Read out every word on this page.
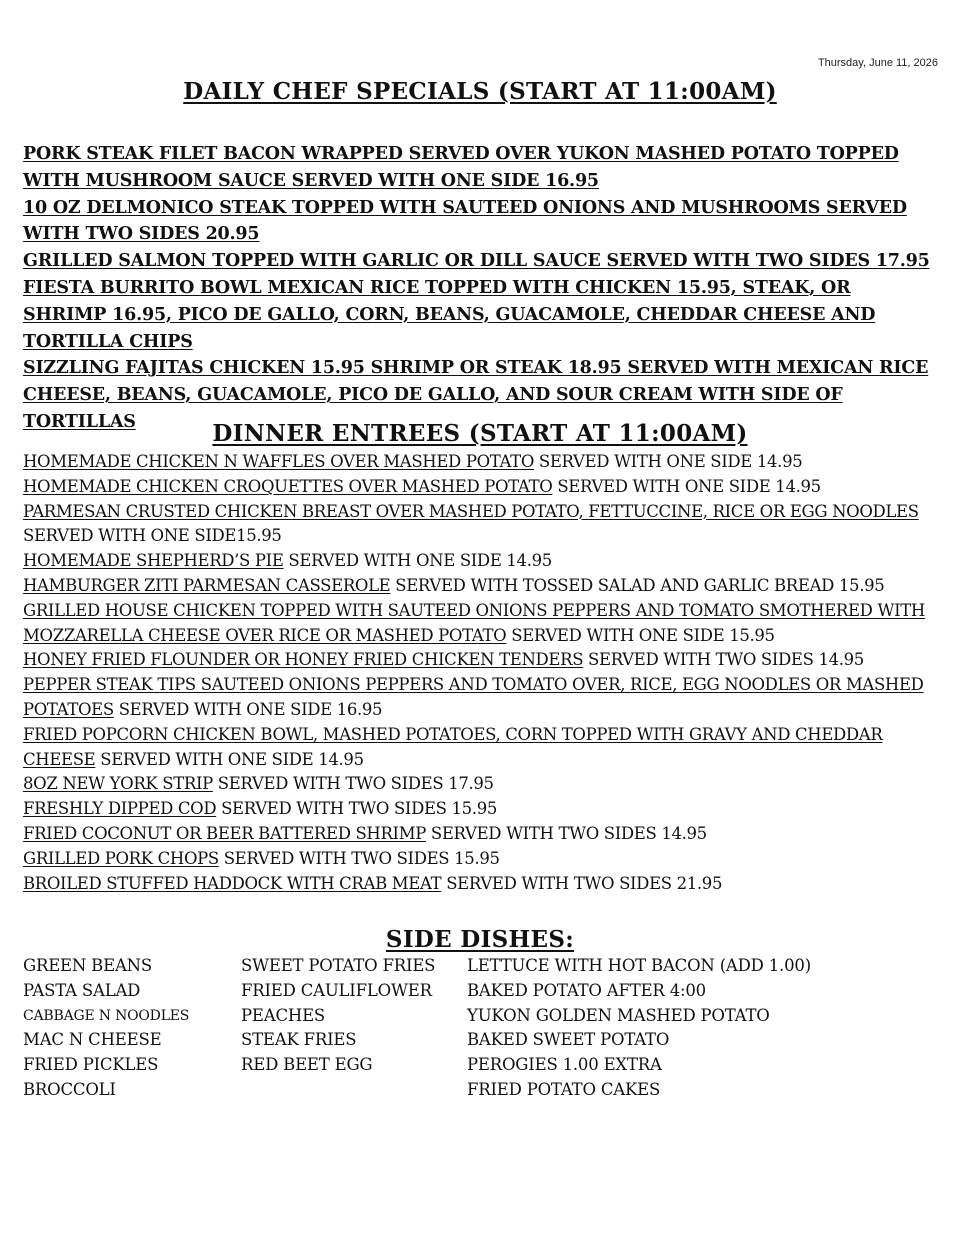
Thursday, June 11, 2026
DAILY CHEF SPECIALS (START AT 11:00AM)

PORK STEAK FILET BACON WRAPPED SERVED OVER YUKON MASHED POTATO TOPPED WITH MUSHROOM SAUCE SERVED WITH ONE SIDE 16.95

10 OZ DELMONICO STEAK TOPPED WITH SAUTEED ONIONS AND MUSHROOMS SERVED WITH TWO SIDES 20.95

GRILLED SALMON TOPPED WITH GARLIC OR DILL SAUCE SERVED WITH TWO SIDES 17.95

FIESTA BURRITO BOWL MEXICAN RICE TOPPED WITH CHICKEN 15.95, STEAK, OR SHRIMP 16.95, PICO DE GALLO, CORN, BEANS, GUACAMOLE, CHEDDAR CHEESE AND TORTILLA CHIPS

SIZZLING FAJITAS CHICKEN 15.95 SHRIMP OR STEAK 18.95 SERVED WITH MEXICAN RICE CHEESE, BEANS, GUACAMOLE, PICO DE GALLO, AND SOUR CREAM WITH SIDE OF TORTILLAS	DINNER ENTREES (START AT 11:00AM)

HOMEMADE CHICKEN N WAFFLES OVER MASHED POTATO SERVED WITH ONE SIDE 14.95

HOMEMADE CHICKEN CROQUETTES OVER MASHED POTATO SERVED WITH ONE SIDE 14.95

PARMESAN CRUSTED CHICKEN BREAST OVER MASHED POTATO, FETTUCCINE, RICE OR EGG NOODLES SERVED WITH ONE SIDE15.95

HOMEMADE SHEPHERD’S PIE SERVED WITH ONE SIDE 14.95

HAMBURGER ZITI PARMESAN CASSEROLE SERVED WITH TOSSED SALAD AND GARLIC BREAD 15.95

GRILLED HOUSE CHICKEN TOPPED WITH SAUTEED ONIONS PEPPERS AND TOMATO SMOTHERED WITH MOZZARELLA CHEESE OVER RICE OR MASHED POTATO SERVED WITH ONE SIDE 15.95

HONEY FRIED FLOUNDER OR HONEY FRIED CHICKEN TENDERS SERVED WITH TWO SIDES 14.95

PEPPER STEAK TIPS SAUTEED ONIONS PEPPERS AND TOMATO OVER, RICE, EGG NOODLES OR MASHED POTATOES SERVED WITH ONE SIDE 16.95

FRIED POPCORN CHICKEN BOWL, MASHED POTATOES, CORN TOPPED WITH GRAVY AND CHEDDAR CHEESE SERVED WITH ONE SIDE 14.95

8OZ NEW YORK STRIP SERVED WITH TWO SIDES 17.95

FRESHLY DIPPED COD SERVED WITH TWO SIDES 15.95

FRIED COCONUT OR BEER BATTERED SHRIMP SERVED WITH TWO SIDES 14.95

GRILLED PORK CHOPS SERVED WITH TWO SIDES 15.95

BROILED STUFFED HADDOCK WITH CRAB MEAT SERVED WITH TWO SIDES 21.95

SIDE DISHES:
GREEN BEANS
PASTA SALAD
CABBAGE N NOODLES
MAC N CHEESE
FRIED PICKLES
BROCCOLI
SWEET POTATO FRIES
FRIED CAULIFLOWER
PEACHES
STEAK FRIES
RED BEET EGG
LETTUCE WITH HOT BACON (ADD 1.00)
BAKED POTATO AFTER 4:00
YUKON GOLDEN MASHED POTATO
BAKED SWEET POTATO
PEROGIES 1.00 EXTRA
FRIED POTATO CAKES
